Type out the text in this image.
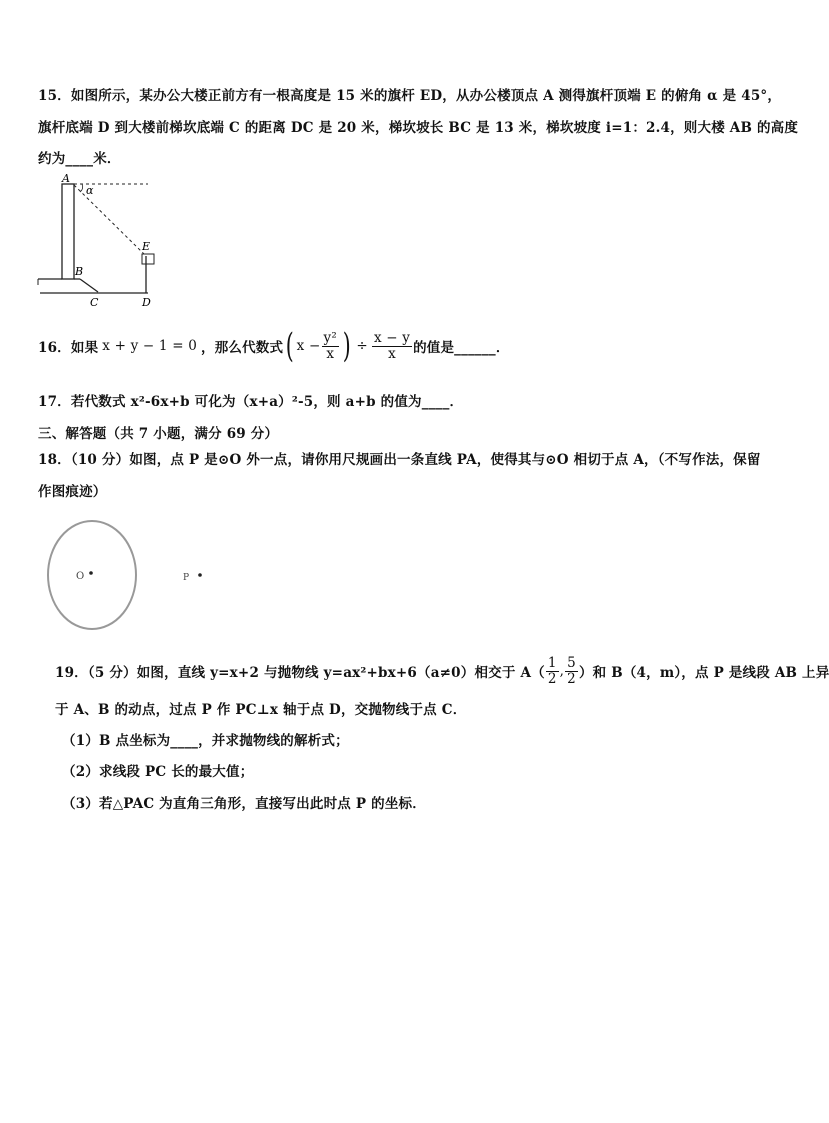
15．如图所示，某办公大楼正前方有一根高度是 15 米的旗杆 ED，从办公楼顶点 A 测得旗杆顶端 E 的俯角 α 是 45°，
旗杆底端 D 到大楼前梯坎底端 C 的距离 DC 是 20 米，梯坎坡长 BC 是 13 米，梯坎坡度 i=1：2.4，则大楼 AB 的高度
约为____米．
A
α
E
B
C	D
16．如果 x + y − 1 = 0 ，那么代数式 ( $x - \frac{\text{y²}}{x}$ ) ÷ $\frac{x - y}{x}$ 的值是______．
17．若代数式 x²-6x+b 可化为（x+a）²-5，则 a+b 的值为____．
三、解答题（共 7 小题，满分 69 分）
18．（10 分）如图，点 P 是⊙O 外一点，请你用尺规画出一条直线 PA，使得其与⊙O 相切于点 A，（不写作法，保留
作图痕迹）
O	P
19．（5 分）如图，直线 y=x+2 与抛物线 y=ax²+bx+6（a≠0）相交于 $A( \frac{1}{2}$ , $\frac{5}{2}$ ）和 B（4，m），点 P 是线段 AB 上异
于 A、B 的动点，过点 P 作 PC⊥x 轴于点 D，交抛物线于点 C．
（1）B 点坐标为____，并求抛物线的解析式；
（2）求线段 PC 长的最大值；
（3）若△PAC 为直角三角形，直接写出此时点 P 的坐标．
